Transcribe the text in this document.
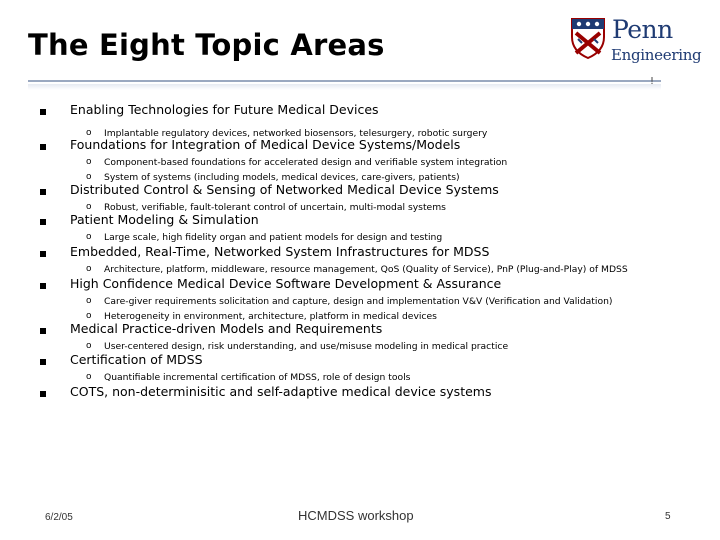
The Eight Topic Areas	Penn
Engineering
!
Enabling Technologies for Future Medical Devices
o Implantable regulatory devices, networked biosensors, telesurgery, robotic surgery
Foundations for Integration of Medical Device Systems/Models
o Component-based foundations for accelerated design and verifiable system integration
o System of systems (including models, medical devices, care-givers, patients)
Distributed Control & Sensing of Networked Medical Device Systems
o Robust, verifiable, fault-tolerant control of uncertain, multi-modal systems
Patient Modeling & Simulation
o Large scale, high fidelity organ and patient models for design and testing
Embedded, Real-Time, Networked System Infrastructures for MDSS
o Architecture, platform, middleware, resource management, QoS (Quality of Service), PnP (Plug-and-Play) of MDSS
High Confidence Medical Device Software Development & Assurance
o Care-giver requirements solicitation and capture, design and implementation V&V (Verification and Validation)
o Heterogeneity in environment, architecture, platform in medical devices
Medical Practice-driven Models and Requirements
o User-centered design, risk understanding, and use/misuse modeling in medical practice
Certification of MDSS
o Quantifiable incremental certification of MDSS, role of design tools
COTS, non-determinisitic and self-adaptive medical device systems
6/2/05	HCMDSS workshop	5
